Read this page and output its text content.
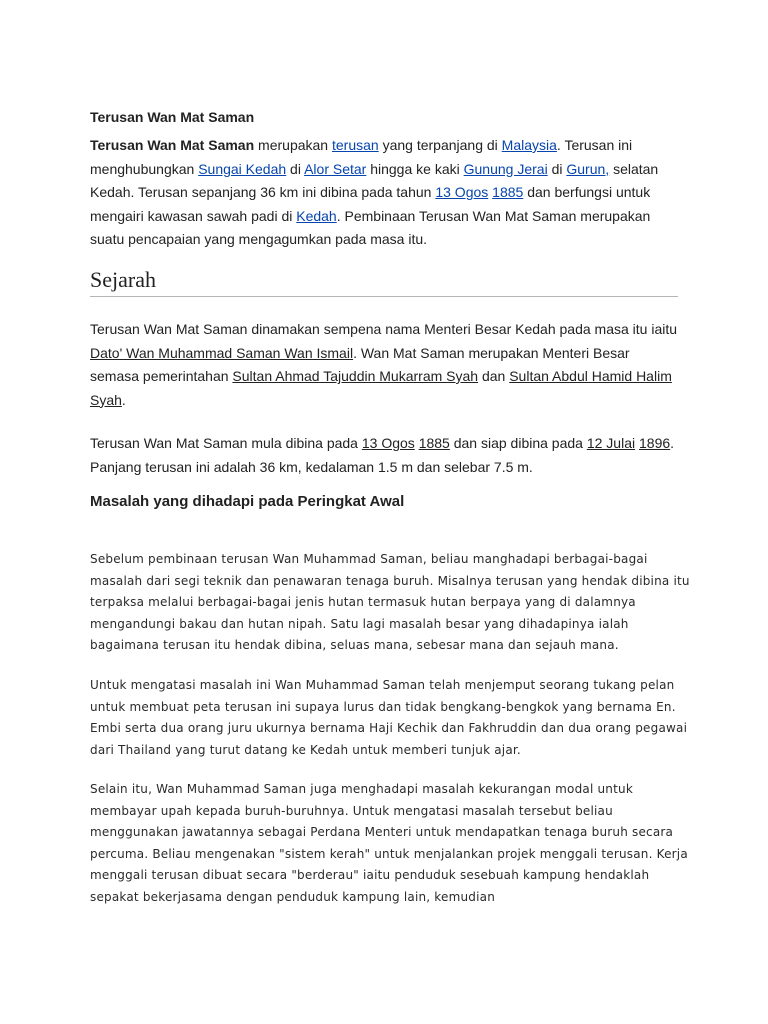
Terusan Wan Mat Saman

Terusan Wan Mat Saman merupakan terusan yang terpanjang di Malaysia. Terusan ini menghubungkan Sungai Kedah di Alor Setar hingga ke kaki Gunung Jerai di Gurun, selatan Kedah. Terusan sepanjang 36 km ini dibina pada tahun 13 Ogos 1885 dan berfungsi untuk mengairi kawasan sawah padi di Kedah. Pembinaan Terusan Wan Mat Saman merupakan suatu pencapaian yang mengagumkan pada masa itu.

Sejarah

Terusan Wan Mat Saman dinamakan sempena nama Menteri Besar Kedah pada masa itu iaitu Dato' Wan Muhammad Saman Wan Ismail. Wan Mat Saman merupakan Menteri Besar semasa pemerintahan Sultan Ahmad Tajuddin Mukarram Syah dan Sultan Abdul Hamid Halim Syah.

Terusan Wan Mat Saman mula dibina pada 13 Ogos 1885 dan siap dibina pada 12 Julai 1896. Panjang terusan ini adalah 36 km, kedalaman 1.5 m dan selebar 7.5 m.

Masalah yang dihadapi pada Peringkat Awal

Sebelum pembinaan terusan Wan Muhammad Saman, beliau manghadapi berbagai-bagai masalah dari segi teknik dan penawaran tenaga buruh. Misalnya terusan yang hendak dibina itu terpaksa melalui berbagai-bagai jenis hutan termasuk hutan berpaya yang di dalamnya mengandungi bakau dan hutan nipah. Satu lagi masalah besar yang dihadapinya ialah bagaimana terusan itu hendak dibina, seluas mana, sebesar mana dan sejauh mana.

Untuk mengatasi masalah ini Wan Muhammad Saman telah menjemput seorang tukang pelan untuk membuat peta terusan ini supaya lurus dan tidak bengkang-bengkok yang bernama En. Embi serta dua orang juru ukurnya bernama Haji Kechik dan Fakhruddin dan dua orang pegawai dari Thailand yang turut datang ke Kedah untuk memberi tunjuk ajar.

Selain itu, Wan Muhammad Saman juga menghadapi masalah kekurangan modal untuk membayar upah kepada buruh-buruhnya. Untuk mengatasi masalah tersebut beliau menggunakan jawatannya sebagai Perdana Menteri untuk mendapatkan tenaga buruh secara percuma. Beliau mengenakan "sistem kerah" untuk menjalankan projek menggali terusan. Kerja menggali terusan dibuat secara "berderau" iaitu penduduk sesebuah kampung hendaklah sepakat bekerjasama dengan penduduk kampung lain, kemudian
